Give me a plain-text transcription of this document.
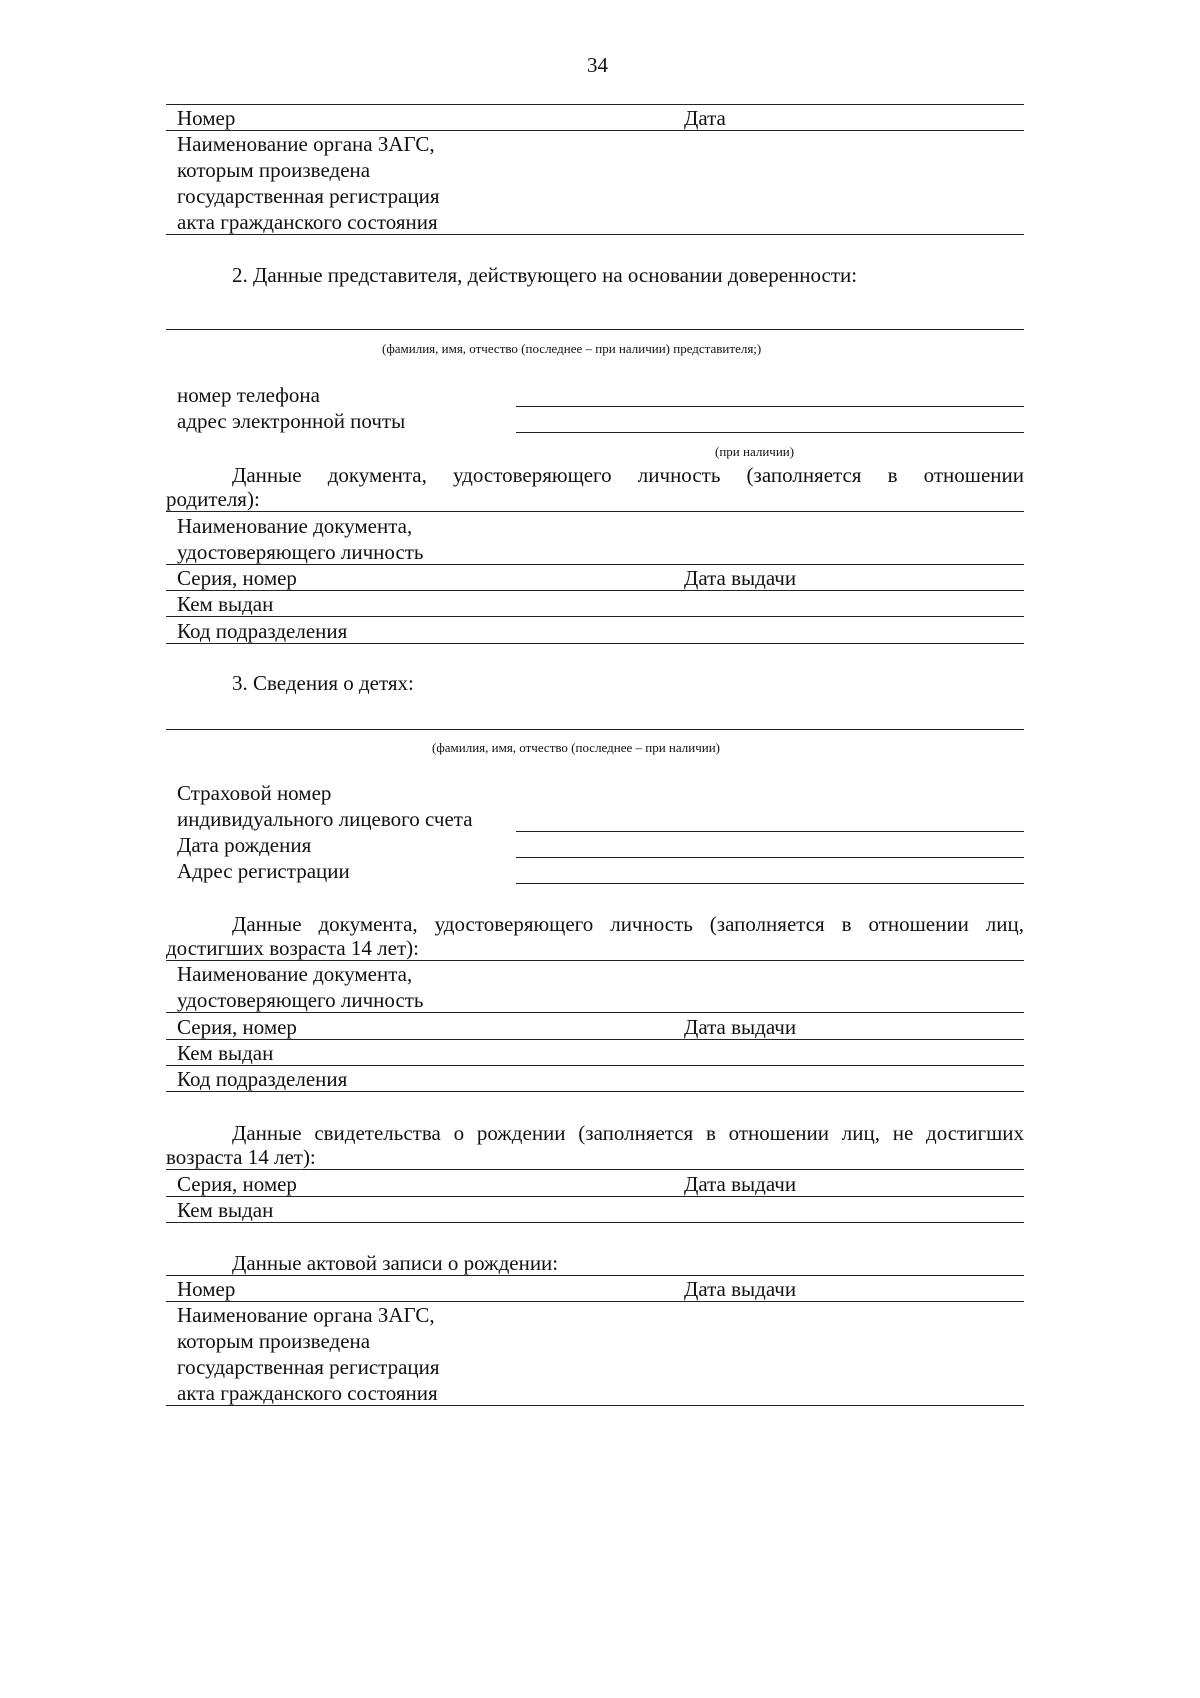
34
Номер	Дата
Наименование органа ЗАГС,
которым произведена
государственная регистрация
акта гражданского состояния
2. Данные представителя, действующего на основании доверенности:
(фамилия, имя, отчество (последнее – при наличии) представителя;)
номер телефона
адрес электронной почты
(при наличии)
Данные документа, удостоверяющего личность (заполняется в отношении
родителя):
Наименование документа,
удостоверяющего личность
Серия, номер	Дата выдачи
Кем выдан
Код подразделения
3. Сведения о детях:
(фамилия, имя, отчество (последнее – при наличии)
Страховой номер
индивидуального лицевого счета
Дата рождения
Адрес регистрации
Данные документа, удостоверяющего личность (заполняется в отношении лиц,
достигших возраста 14 лет):
Наименование документа,
удостоверяющего личность
Серия, номер	Дата выдачи
Кем выдан
Код подразделения
Данные свидетельства о рождении (заполняется в отношении лиц, не достигших
возраста 14 лет):
Серия, номер	Дата выдачи
Кем выдан
Данные актовой записи о рождении:
Номер	Дата выдачи
Наименование органа ЗАГС,
которым произведена
государственная регистрация
акта гражданского состояния
